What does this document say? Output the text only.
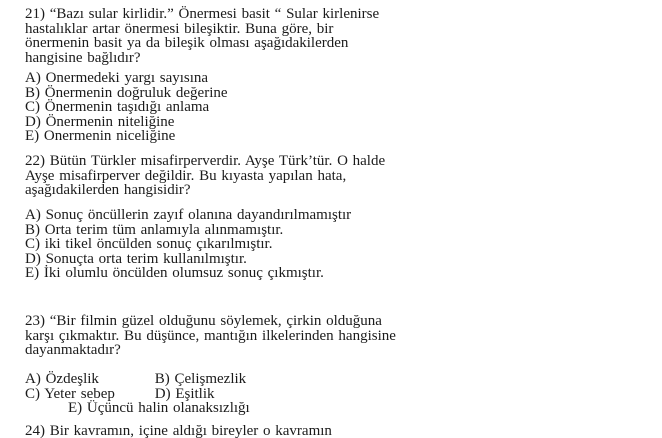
21) “Bazı sular kirlidir.” Önermesi basit “ Sular kirlenirse
hastalıklar artar önermesi bileşiktir. Buna göre, bir
önermenin basit ya da bileşik olması aşağıdakilerden
hangisine bağlıdır?
A) Onermedeki yargı sayısına
B) Önermenin doğruluk değerine
C) Önermenin taşıdığı anlama
D) Önermenin niteliğine
E) Onermenin niceliğine
22) Bütün Türkler misafirperverdir. Ayşe Türk’tür. O halde
Ayşe misafirperver değildir. Bu kıyasta yapılan hata,
aşağıdakilerden hangisidir?
A) Sonuç öncüllerin zayıf olanına dayandırılmamıştır
B) Orta terim tüm anlamıyla alınmamıştır.
C) iki tikel öncülden sonuç çıkarılmıştır.
D) Sonuçta orta terim kullanılmıştır.
E) İki olumlu öncülden olumsuz sonuç çıkmıştır.
23) “Bir filmin güzel olduğunu söylemek, çirkin olduğuna
karşı çıkmaktır. Bu düşünce, mantığın ilkelerinden hangisine
dayanmaktadır?
A) Özdeşlik	B) Çelişmezlik
C) Yeter sebep	D) Eşitlik
E) Üçüncü halin olanaksızlığı
24) Bir kavramın, içine aldığı bireyler o kavramın
